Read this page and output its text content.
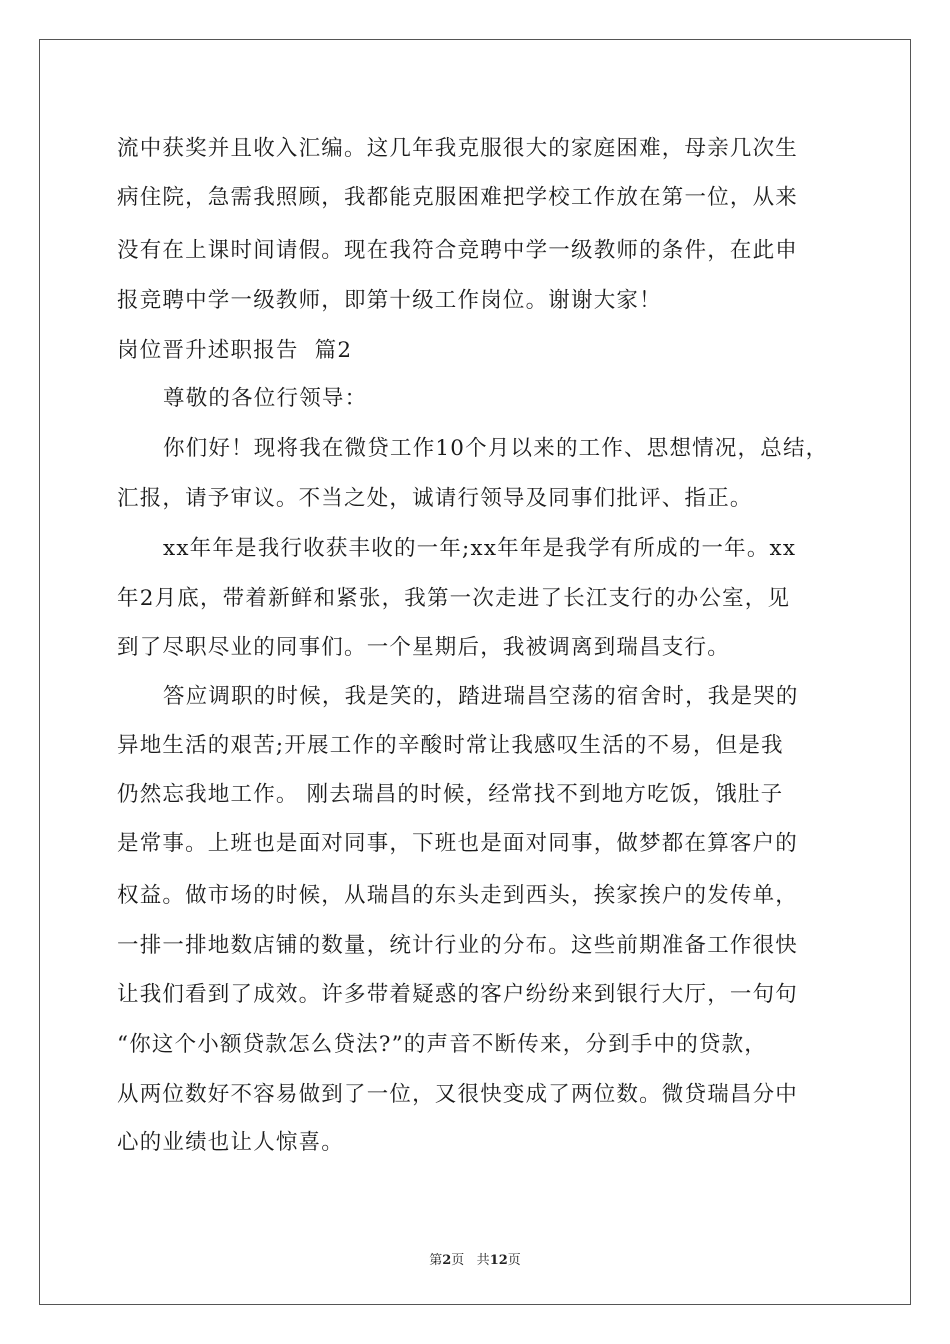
流中获奖并且收入汇编。这几年我克服很大的家庭困难，母亲几次生
病住院，急需我照顾，我都能克服困难把学校工作放在第一位，从来
没有在上课时间请假。现在我符合竞聘中学一级教师的条件，在此申
报竞聘中学一级教师，即第十级工作岗位。谢谢大家！
岗位晋升述职报告  篇2
尊敬的各位行领导：
你们好！现将我在微贷工作10个月以来的工作、思想情况，总结，
汇报，请予审议。不当之处，诚请行领导及同事们批评、指正。
xx年年是我行收获丰收的一年;xx年年是我学有所成的一年。xx
年2月底，带着新鲜和紧张，我第一次走进了长江支行的办公室，见
到了尽职尽业的同事们。一个星期后，我被调离到瑞昌支行。
答应调职的时候，我是笑的，踏进瑞昌空荡的宿舍时，我是哭的
异地生活的艰苦;开展工作的辛酸时常让我感叹生活的不易，但是我
仍然忘我地工作。 刚去瑞昌的时候，经常找不到地方吃饭，饿肚子
是常事。上班也是面对同事，下班也是面对同事，做梦都在算客户的
权益。做市场的时候，从瑞昌的东头走到西头，挨家挨户的发传单，
一排一排地数店铺的数量，统计行业的分布。这些前期准备工作很快
让我们看到了成效。许多带着疑惑的客户纷纷来到银行大厅，一句句
“你这个小额贷款怎么贷法?”的声音不断传来，分到手中的贷款，
从两位数好不容易做到了一位，又很快变成了两位数。微贷瑞昌分中
心的业绩也让人惊喜。
第2页 共12页
